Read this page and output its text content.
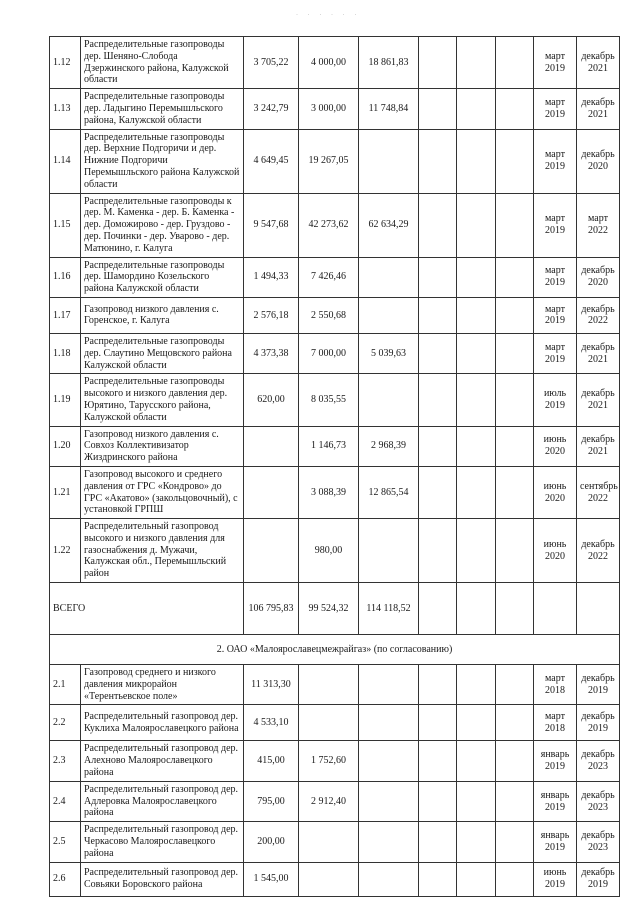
· · · · · ·
1.12	Распределительные газопроводы дер. Шеняно-Слобода Дзержинского района, Калужской области	3 705,22	4 000,00	18 861,83				март 2019	декабрь 2021
1.13	Распределительные газопроводы дер. Ладыгино Перемышльского района, Калужской области	3 242,79	3 000,00	11 748,84				март 2019	декабрь 2021
1.14	Распределительные газопроводы дер. Верхние Подгоричи и дер. Нижние Подгоричи Перемышльского района Калужской области	4 649,45	19 267,05					март 2019	декабрь 2020
1.15	Распределительные газопроводы к дер. М. Каменка - дер. Б. Каменка - дер. Доможирово - дер. Груздово - дер. Починки - дер. Уварово - дер. Матюнино, г. Калуга	9 547,68	42 273,62	62 634,29				март 2019	март 2022
1.16	Распределительные газопроводы дер. Шамордино Козельского района Калужской области	1 494,33	7 426,46					март 2019	декабрь 2020
1.17	Газопровод низкого давления с. Горенское, г. Калуга	2 576,18	2 550,68					март 2019	декабрь 2022
1.18	Распределительные газопроводы дер. Слаутино Мещовского района Калужской области	4 373,38	7 000,00	5 039,63				март 2019	декабрь 2021
1.19	Распределительные газопроводы высокого и низкого давления дер. Юрятино, Тарусского района, Калужской области	620,00	8 035,55					июль 2019	декабрь 2021
1.20	Газопровод низкого давления с. Совхоз Коллективизатор Жиздринского района		1 146,73	2 968,39				июнь 2020	декабрь 2021
1.21	Газопровод высокого и среднего давления от ГРС «Кондрово» до ГРС «Акатово» (закольцовочный), с установкой ГРПШ		3 088,39	12 865,54				июнь 2020	сентябрь 2022
1.22	Распределительный газопровод высокого и низкого давления для газоснабжения д. Мужачи, Калужская обл., Перемышльский район		980,00					июнь 2020	декабрь 2022
ВСЕГО		106 795,83	99 524,32	114 118,52					
2. ОАО «Малоярославецмежрайгаз» (по согласованию)									
2.1	Газопровод среднего и низкого давления микрорайон «Терентьевское поле»	11 313,30						март 2018	декабрь 2019
2.2	Распределительный газопровод дер. Куклиха Малоярославецкого района	4 533,10						март 2018	декабрь 2019
2.3	Распределительный газопровод дер. Алехново Малоярославецкого района	415,00	1 752,60					январь 2019	декабрь 2023
2.4	Распределительный газопровод дер. Адлеровка Малоярославецкого района	795,00	2 912,40					январь 2019	декабрь 2023
2.5	Распределительный газопровод дер. Черкасово Малоярославецкого района	200,00						январь 2019	декабрь 2023
2.6	Распределительный газопровод дер. Совьяки Боровского района	1 545,00						июнь 2019	декабрь 2019
